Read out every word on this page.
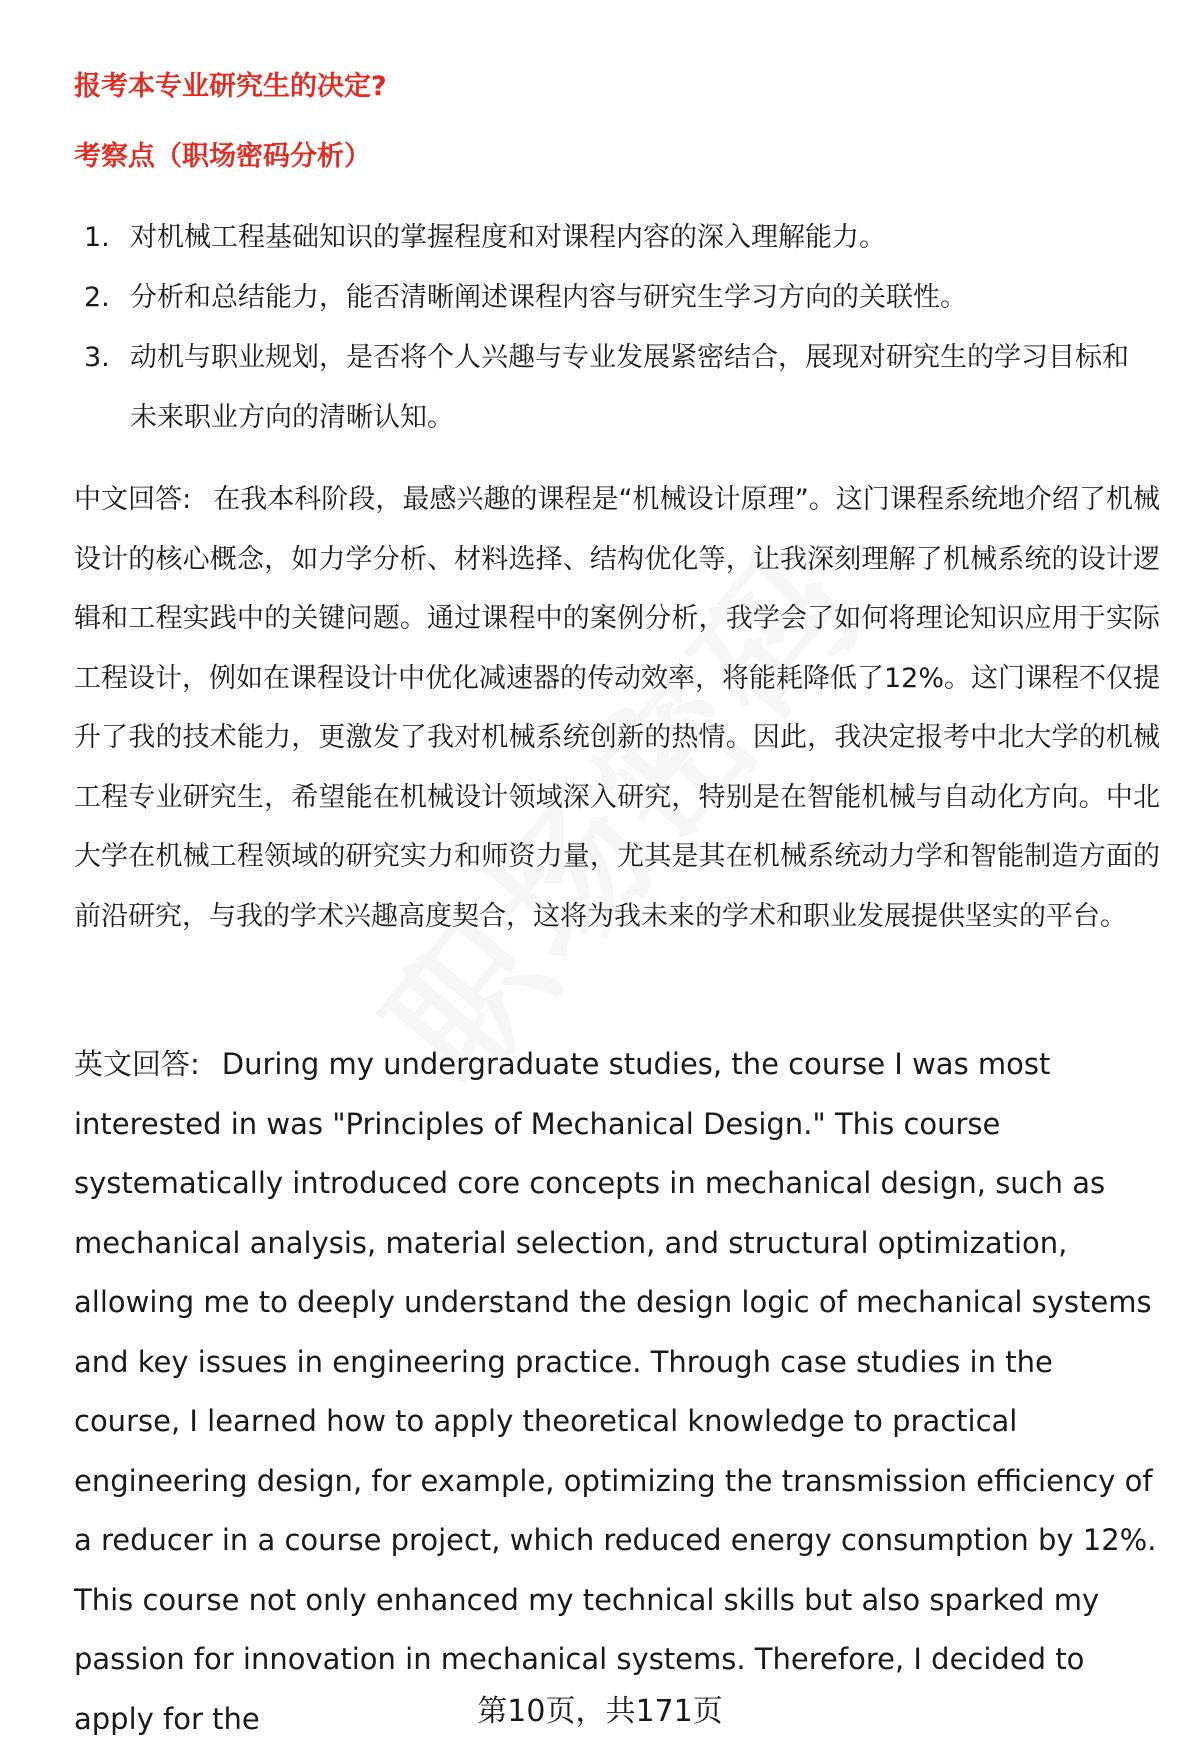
报考本专业研究生的决定?
考察点（职场密码分析）
1. 对机械工程基础知识的掌握程度和对课程内容的深入理解能力。
2. 分析和总结能力，能否清晰阐述课程内容与研究生学习方向的关联性。
3. 动机与职业规划，是否将个人兴趣与专业发展紧密结合，展现对研究生的学习目标和未来职业方向的清晰认知。

中文回答: 在我本科阶段，最感兴趣的课程是“机械设计原理”。这门课程系统地介绍了机械设计的核心概念，如力学分析、材料选择、结构优化等，让我深刻理解了机械系统的设计逻辑和工程实践中的关键问题。通过课程中的案例分析，我学会了如何将理论知识应用于实际工程设计，例如在课程设计中优化减速器的传动效率，将能耗降低了12%。这门课程不仅提升了我的技术能力，更激发了我对机械系统创新的热情。因此，我决定报考中北大学的机械工程专业研究生，希望能在机械设计领域深入研究，特别是在智能机械与自动化方向。中北大学在机械工程领域的研究实力和师资力量，尤其是其在机械系统动力学和智能制造方面的前沿研究，与我的学术兴趣高度契合，这将为我未来的学术和职业发展提供坚实的平台。

英文回答: During my undergraduate studies, the course I was most interested in was "Principles of Mechanical Design." This course systematically introduced core concepts in mechanical design, such as mechanical analysis, material selection, and structural optimization, allowing me to deeply understand the design logic of mechanical systems and key issues in engineering practice. Through case studies in the course, I learned how to apply theoretical knowledge to practical engineering design, for example, optimizing the transmission efficiency of a reducer in a course project, which reduced energy consumption by 12%. This course not only enhanced my technical skills but also sparked my passion for innovation in mechanical systems. Therefore, I decided to apply for the	第10页，共171页
